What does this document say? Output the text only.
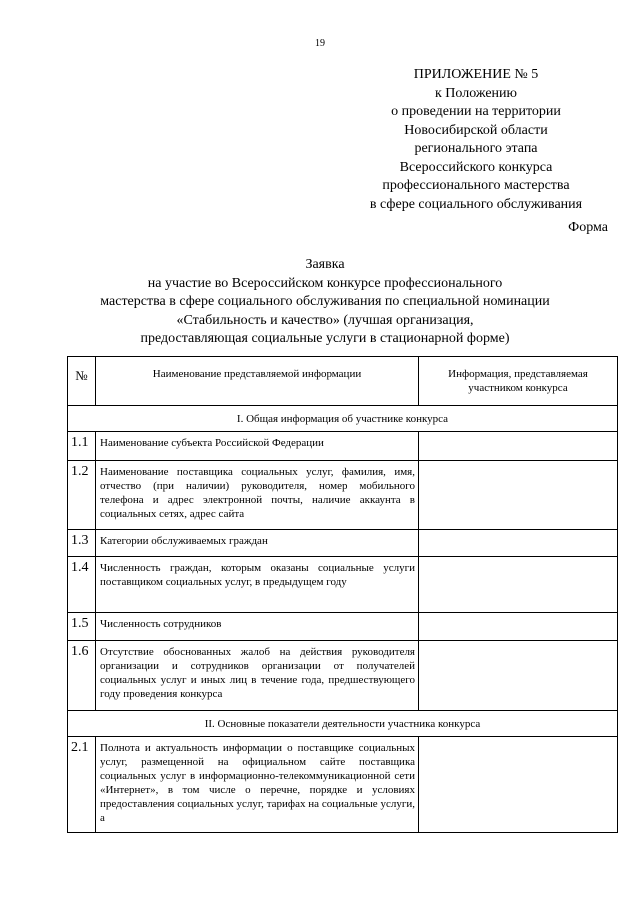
19
ПРИЛОЖЕНИЕ № 5
к Положению
о проведении на территории
Новосибирской области
регионального этапа
Всероссийского конкурса
профессионального мастерства
в сфере социального обслуживания
Форма
Заявка
на участие во Всероссийском конкурсе профессионального
мастерства в сфере социального обслуживания по специальной номинации
«Стабильность и качество» (лучшая организация,
предоставляющая социальные услуги в стационарной форме)
№	Наименование представляемой информации	Информация, представляемая участником конкурса
I. Общая информация об участнике конкурса		
1.1	Наименование субъекта Российской Федерации	
1.2	Наименование поставщика социальных услуг, фамилия, имя, отчество (при наличии) руководителя, номер мобильного телефона и адрес электронной почты, наличие аккаунта в социальных сетях, адрес сайта	
1.3	Категории обслуживаемых граждан	
1.4	Численность граждан, которым оказаны социальные услуги поставщиком социальных услуг, в предыдущем году	
1.5	Численность сотрудников	
1.6	Отсутствие обоснованных жалоб на действия руководителя организации и сотрудников организации от получателей социальных услуг и иных лиц в течение года, предшествующего году проведения конкурса	
II. Основные показатели деятельности участника конкурса		
2.1	Полнота и актуальность информации о поставщике социальных услуг, размещенной на официальном сайте поставщика социальных услуг в информационно-телекоммуникационной сети «Интернет», в том числе о перечне, порядке и условиях предоставления социальных услуг, тарифах на социальные услуги, а	
